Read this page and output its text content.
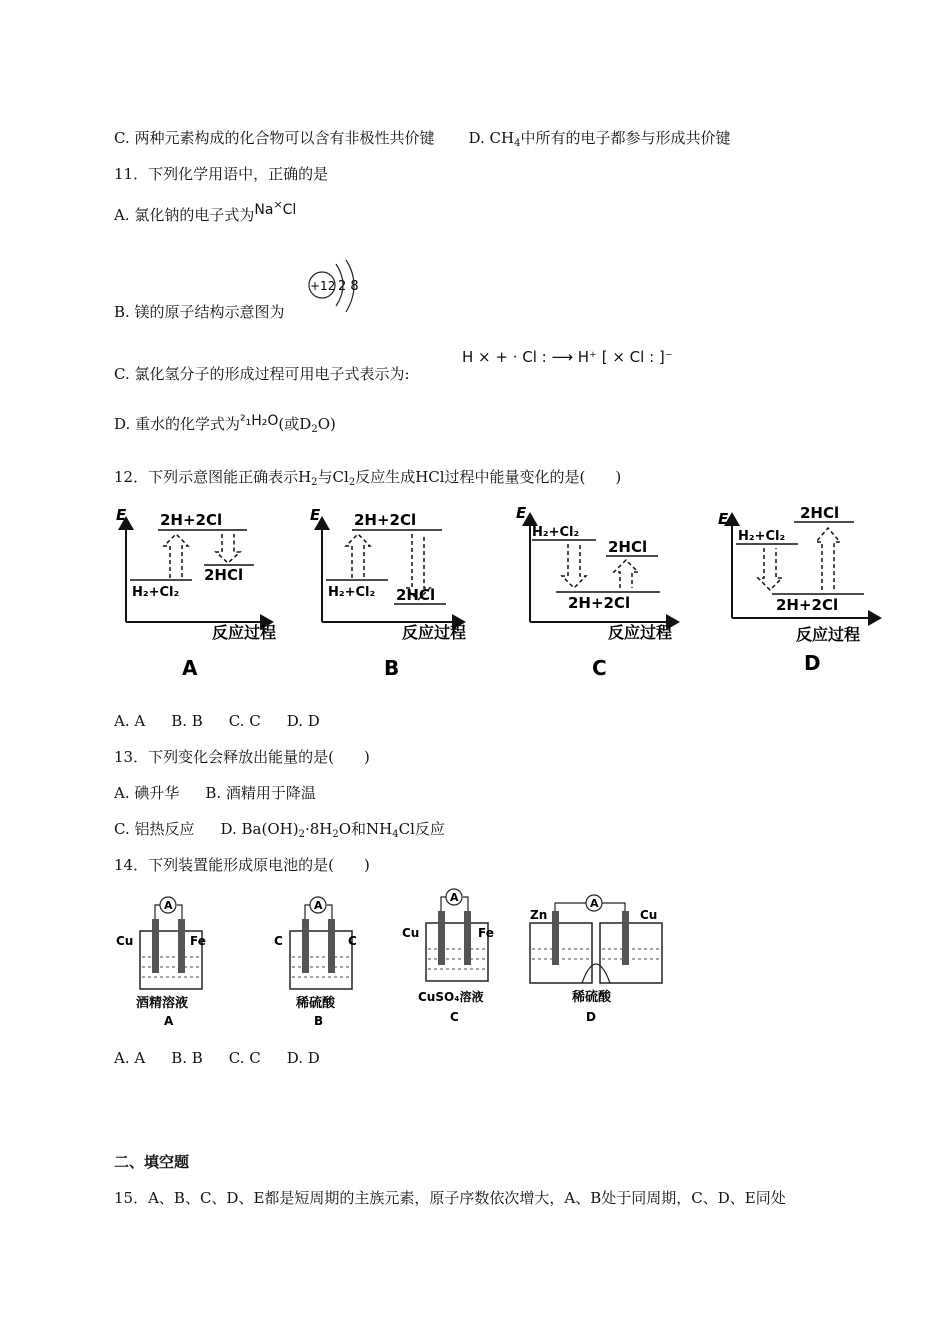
C. 两种元素构成的化合物可以含有非极性共价键 D. $CH_4$中所有的电子都参与形成共价键
11．下列化学用语中，正确的是
A. 氯化钠的电子式为Na×Cl
+12 2 8
B. 镁的原子结构示意图为
C. 氯化氢分子的形成过程可用电子式表示为:
H × + · Cl : ⟶ H⁺ [ × Cl : ]⁻
D. 重水的化学式为²₁H₂O(或$D_2O$)
12．下列示意图能正确表示$H_2$与$Cl_2$反应生成HCl过程中能量变化的是(　　)
E
反应过程
2H+2Cl
H₂+Cl₂
2HCl
A
E
反应过程
2H+2Cl
H₂+Cl₂ 2HCl
B
E
反应过程
H₂+Cl₂
2HCl
2H+2Cl
C
E
反应过程
H₂+Cl₂
2HCl
2H+2Cl
D
A. A B. B C. C D. D
13．下列变化会释放出能量的是(　　)
A. 碘升华 B. 酒精用于降温
C. 铝热反应 D. $Ba(OH)_2\cdot 8H_2O$和$NH_4Cl$反应
14．下列装置能形成原电池的是(　　)
A
Cu	Fe
酒精溶液
A
A
C	C
稀硫酸
B
A
Cu	Fe
CuSO₄溶液
C
A
Zn	Cu
稀硫酸
D
A. A B. B C. C D. D
二、填空题
15．A、B、C、D、E都是短周期的主族元素，原子序数依次增大，A、B处于同周期，C、D、E同处
